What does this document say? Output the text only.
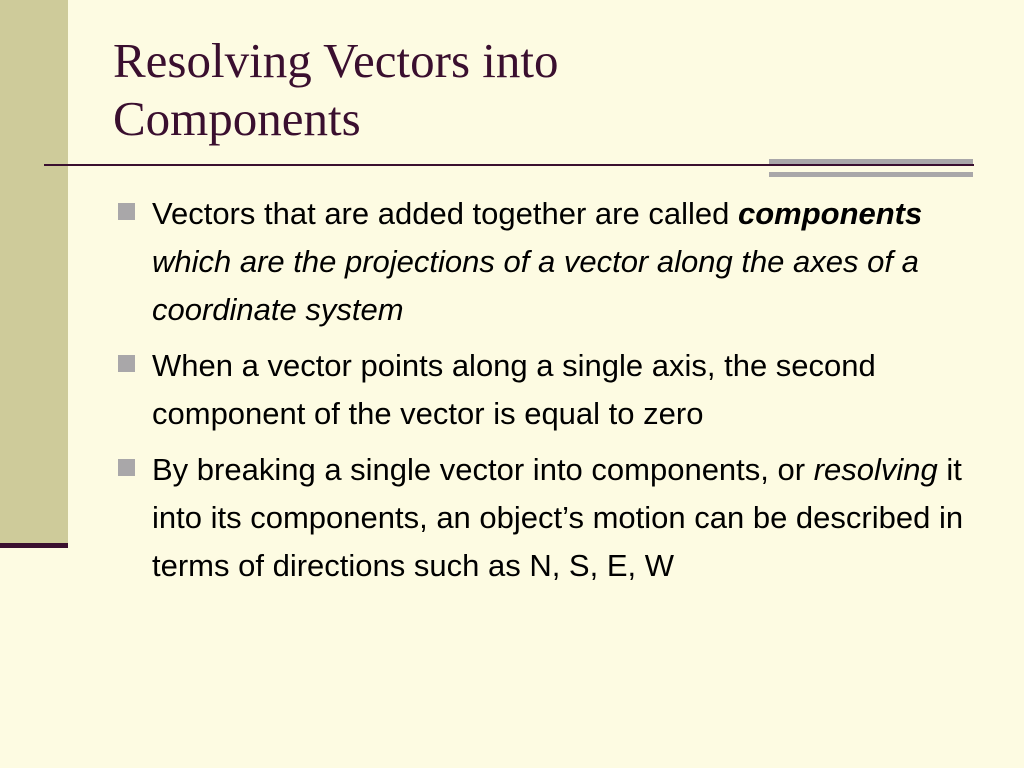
Resolving Vectors into Components
Vectors that are added together are called components which are the projections of a vector along the axes of a coordinate system
When a vector points along a single axis, the second component of the vector is equal to zero
By breaking a single vector into components, or resolving it into its components, an object’s motion can be described in terms of directions such as N, S, E, W
